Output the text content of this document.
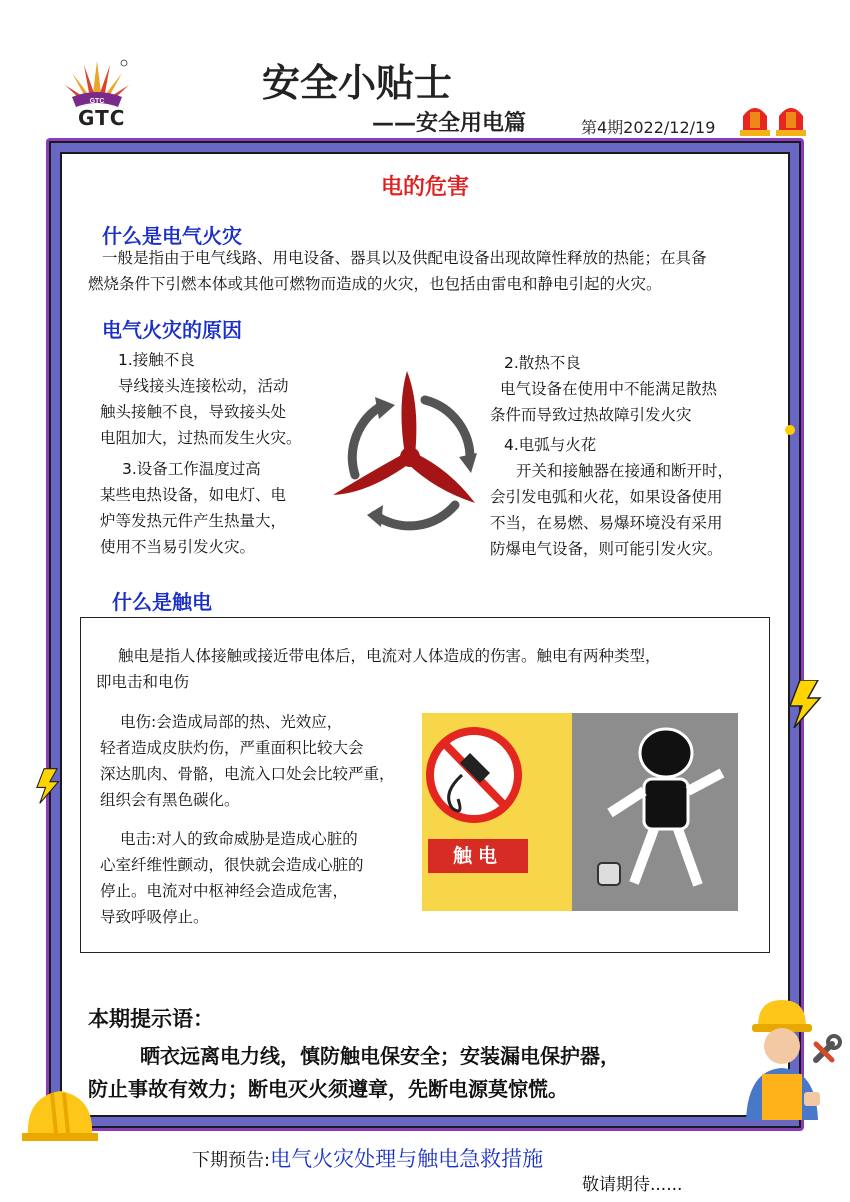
GTC
GTC
安全小贴士
——安全用电篇	第4期2022/12/19
电的危害
什么是电气火灾

一般是指由于电气线路、用电设备、器具以及供配电设备出现故障性释放的热能；在具备

燃烧条件下引燃本体或其他可燃物而造成的火灾，也包括由雷电和静电引起的火灾。

电气火灾的原因

1.接触不良

导线接头连接松动，活动

触头接触不良，导致接头处

电阻加大，过热而发生火灾。

3.设备工作温度过高

某些电热设备，如电灯、电

炉等发热元件产生热量大，

使用不当易引发火灾。

2.散热不良

电气设备在使用中不能满足散热

条件而导致过热故障引发火灾

4.电弧与火花

开关和接触器在接通和断开时，

会引发电弧和火花，如果设备使用

不当，在易燃、易爆环境没有采用

防爆电气设备，则可能引发火灾。

什么是触电

触电是指人体接触或接近带电体后，电流对人体造成的伤害。触电有两种类型，

即电击和电伤

电伤:会造成局部的热、光效应，

轻者造成皮肤灼伤，严重面积比较大会

深达肌肉、骨骼，电流入口处会比较严重，

组织会有黑色碳化。

电击:对人的致命威胁是造成心脏的

心室纤维性颤动，很快就会造成心脏的

停止。电流对中枢神经会造成危害，

导致呼吸停止。

触电
本期提示语：
晒衣远离电力线，慎防触电保安全；安装漏电保护器，
防止事故有效力；断电灭火须遵章，先断电源莫惊慌。
下期预告:电气火灾处理与触电急救措施
敬请期待......
